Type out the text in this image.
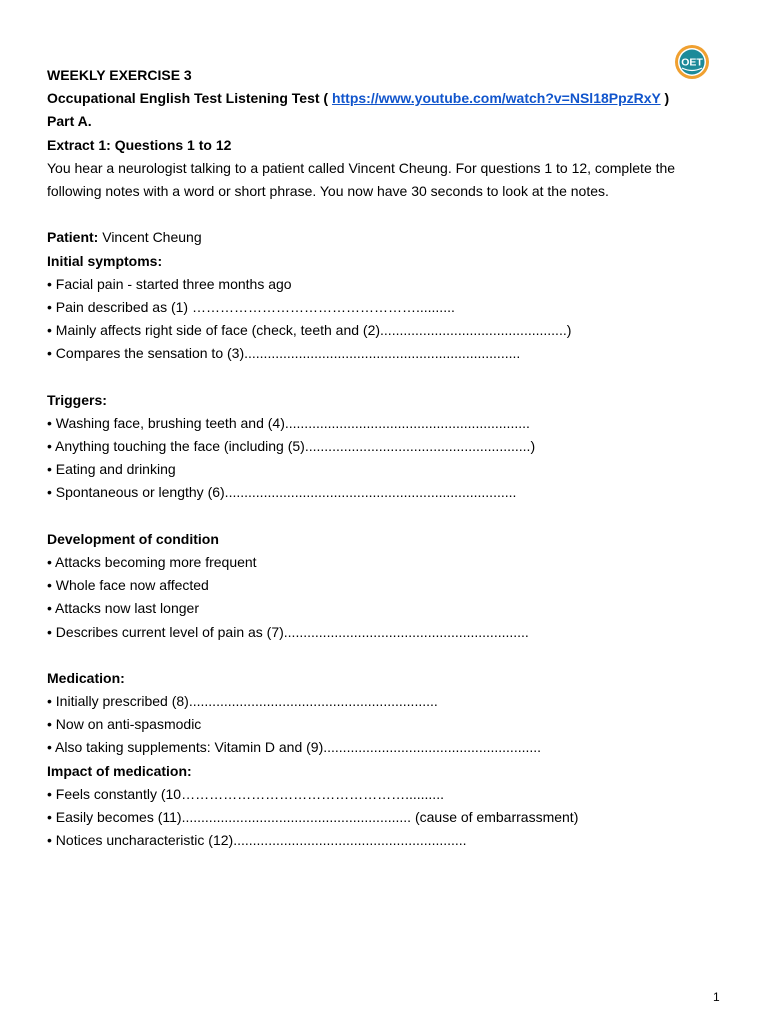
OET
WEEKLY EXERCISE 3
Occupational English Test Listening Test ( https://www.youtube.com/watch?v=NSl18PpzRxY )
Part A.
Extract 1: Questions 1 to 12
You hear a neurologist talking to a patient called Vincent Cheung. For questions 1 to 12, complete the
following notes with a word or short phrase. You now have 30 seconds to look at the notes.
Patient: Vincent Cheung
Initial symptoms:
• Facial pain - started three months ago
• Pain described as (1) …………………………………………..........
• Mainly affects right side of face (check, teeth and (2)................................................)
• Compares the sensation to (3).......................................................................
Triggers:
• Washing face, brushing teeth and (4)...............................................................
• Anything touching the face (including (5)..........................................................)
• Eating and drinking
• Spontaneous or lengthy (6)...........................................................................
Development of condition
• Attacks becoming more frequent
• Whole face now affected
• Attacks now last longer
• Describes current level of pain as (7)...............................................................
Medication:
• Initially prescribed (8)................................................................
• Now on anti-spasmodic
• Also taking supplements: Vitamin D and (9)........................................................
Impact of medication:
• Feels constantly (10…………………………………………..........
• Easily becomes (11)........................................................... (cause of embarrassment)
• Notices uncharacteristic (12)............................................................
1
